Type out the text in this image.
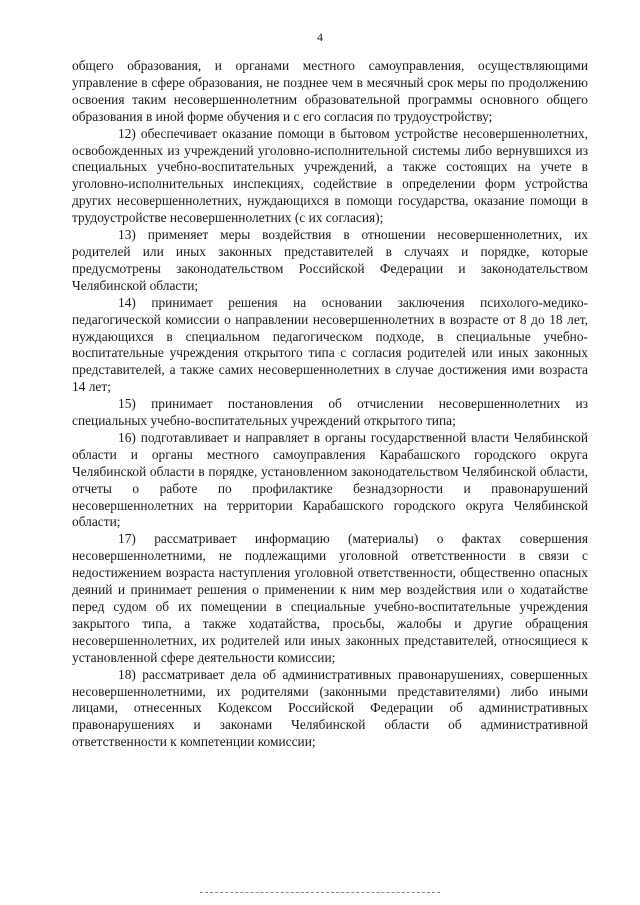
4

общего образования, и органами местного самоуправления, осуществляющими управление в сфере образования, не позднее чем в месячный срок меры по продолжению освоения таким несовершеннолетним образовательной программы основного общего образования в иной форме обучения и с его согласия по трудоустройству;

12) обеспечивает оказание помощи в бытовом устройстве несовершеннолетних, освобожденных из учреждений уголовно-исполнительной системы либо вернувшихся из специальных учебно-воспитательных учреждений, а также состоящих на учете в уголовно-исполнительных инспекциях, содействие в определении форм устройства других несовершеннолетних, нуждающихся в помощи государства, оказание помощи в трудоустройстве несовершеннолетних (с их согласия);

13) применяет меры воздействия в отношении несовершеннолетних, их родителей или иных законных представителей в случаях и порядке, которые предусмотрены законодательством Российской Федерации и законодательством Челябинской области;

14) принимает решения на основании заключения психолого-медико-педагогической комиссии о направлении несовершеннолетних в возрасте от 8 до 18 лет, нуждающихся в специальном педагогическом подходе, в специальные учебно-воспитательные учреждения открытого типа с согласия родителей или иных законных представителей, а также самих несовершеннолетних в случае достижения ими возраста 14 лет;

15) принимает постановления об отчислении несовершеннолетних из специальных учебно-воспитательных учреждений открытого типа;

16) подготавливает и направляет в органы государственной власти Челябинской области и органы местного самоуправления Карабашского городского округа Челябинской области в порядке, установленном законодательством Челябинской области, отчеты о работе по профилактике безнадзорности и правонарушений несовершеннолетних на территории Карабашского городского округа Челябинской области;

17) рассматривает информацию (материалы) о фактах совершения несовершеннолетними, не подлежащими уголовной ответственности в связи с недостижением возраста наступления уголовной ответственности, общественно опасных деяний и принимает решения о применении к ним мер воздействия или о ходатайстве перед судом об их помещении в специальные учебно-воспитательные учреждения закрытого типа, а также ходатайства, просьбы, жалобы и другие обращения несовершеннолетних, их родителей или иных законных представителей, относящиеся к установленной сфере деятельности комиссии;

18) рассматривает дела об административных правонарушениях, совершенных несовершеннолетними, их родителями (законными представителями) либо иными лицами, отнесенных Кодексом Российской Федерации об административных правонарушениях и законами Челябинской области об административной ответственности к компетенции комиссии;
